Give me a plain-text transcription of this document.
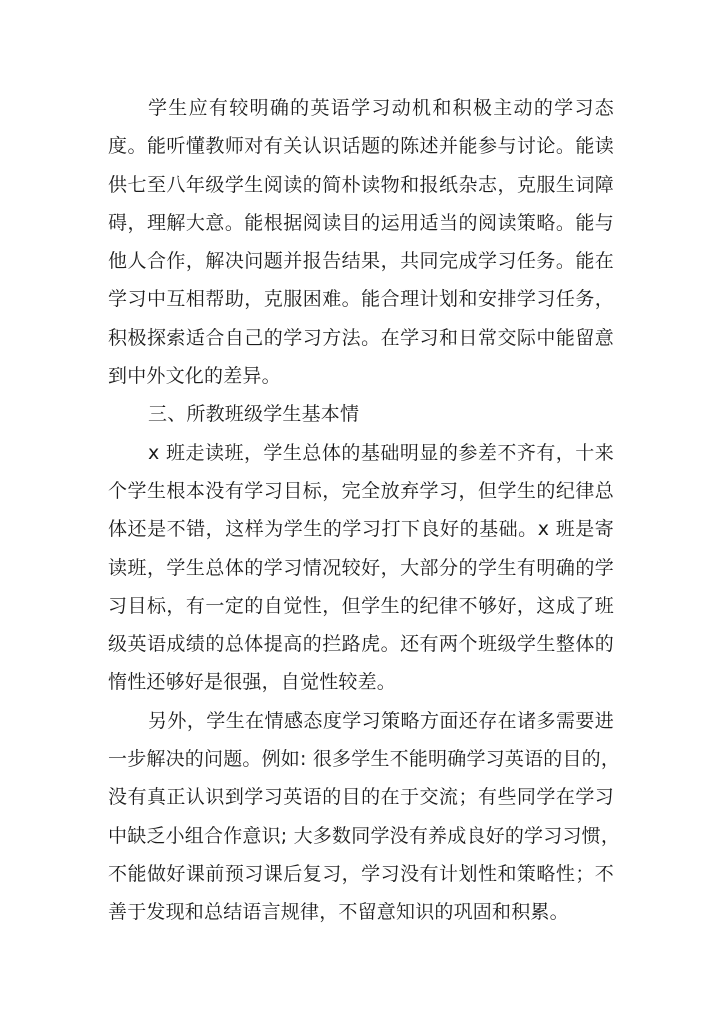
学生应有较明确的英语学习动机和积极主动的学习态
度。能听懂教师对有关认识话题的陈述并能参与讨论。能读
供七至八年级学生阅读的简朴读物和报纸杂志，克服生词障
碍，理解大意。能根据阅读目的运用适当的阅读策略。能与
他人合作，解决问题并报告结果，共同完成学习任务。能在
学习中互相帮助，克服困难。能合理计划和安排学习任务，
积极探索适合自己的学习方法。在学习和日常交际中能留意
到中外文化的差异。
三、所教班级学生基本情
x 班走读班，学生总体的基础明显的参差不齐有，十来
个学生根本没有学习目标，完全放弃学习，但学生的纪律总
体还是不错，这样为学生的学习打下良好的基础。x 班是寄
读班，学生总体的学习情况较好，大部分的学生有明确的学
习目标，有一定的自觉性，但学生的纪律不够好，这成了班
级英语成绩的总体提高的拦路虎。还有两个班级学生整体的
惰性还够好是很强，自觉性较差。
另外，学生在情感态度学习策略方面还存在诸多需要进
一步解决的问题。例如: 很多学生不能明确学习英语的目的，
没有真正认识到学习英语的目的在于交流；有些同学在学习
中缺乏小组合作意识; 大多数同学没有养成良好的学习习惯，
不能做好课前预习课后复习，学习没有计划性和策略性；不
善于发现和总结语言规律，不留意知识的巩固和积累。
